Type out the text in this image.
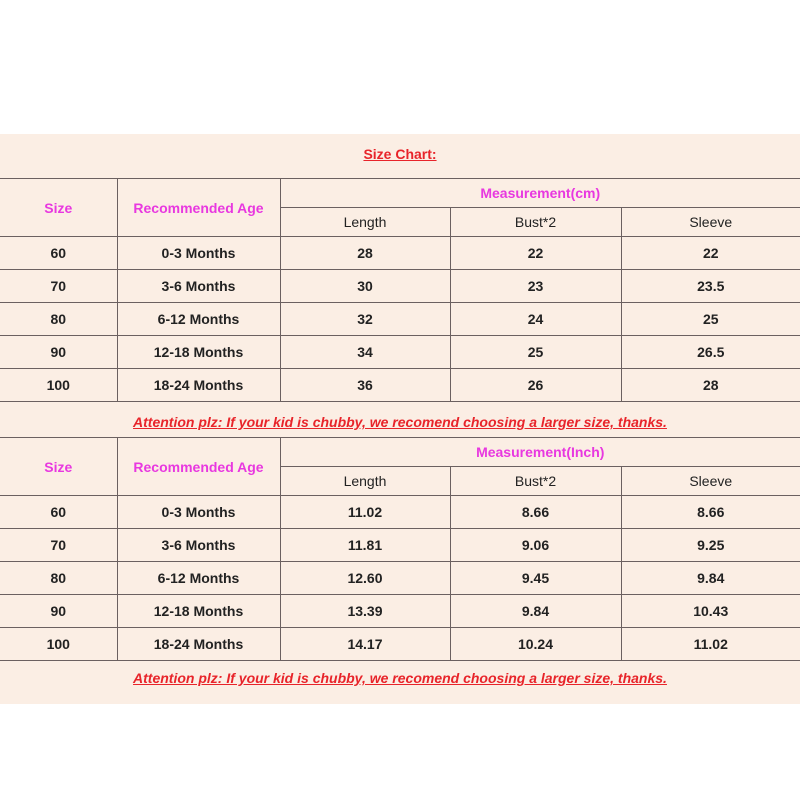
Size Chart:
Size	Recommended Age	Measurement(cm)		
		Length	Bust*2	Sleeve
60	0-3 Months	28	22	22
70	3-6 Months	30	23	23.5
80	6-12 Months	32	24	25
90	12-18 Months	34	25	26.5
100	18-24 Months	36	26	28
Attention plz: If your kid is chubby, we recomend choosing a larger size, thanks.
Size	Recommended Age	Measurement(Inch)		
		Length	Bust*2	Sleeve
60	0-3 Months	11.02	8.66	8.66
70	3-6 Months	11.81	9.06	9.25
80	6-12 Months	12.60	9.45	9.84
90	12-18 Months	13.39	9.84	10.43
100	18-24 Months	14.17	10.24	11.02
Attention plz: If your kid is chubby, we recomend choosing a larger size, thanks.
